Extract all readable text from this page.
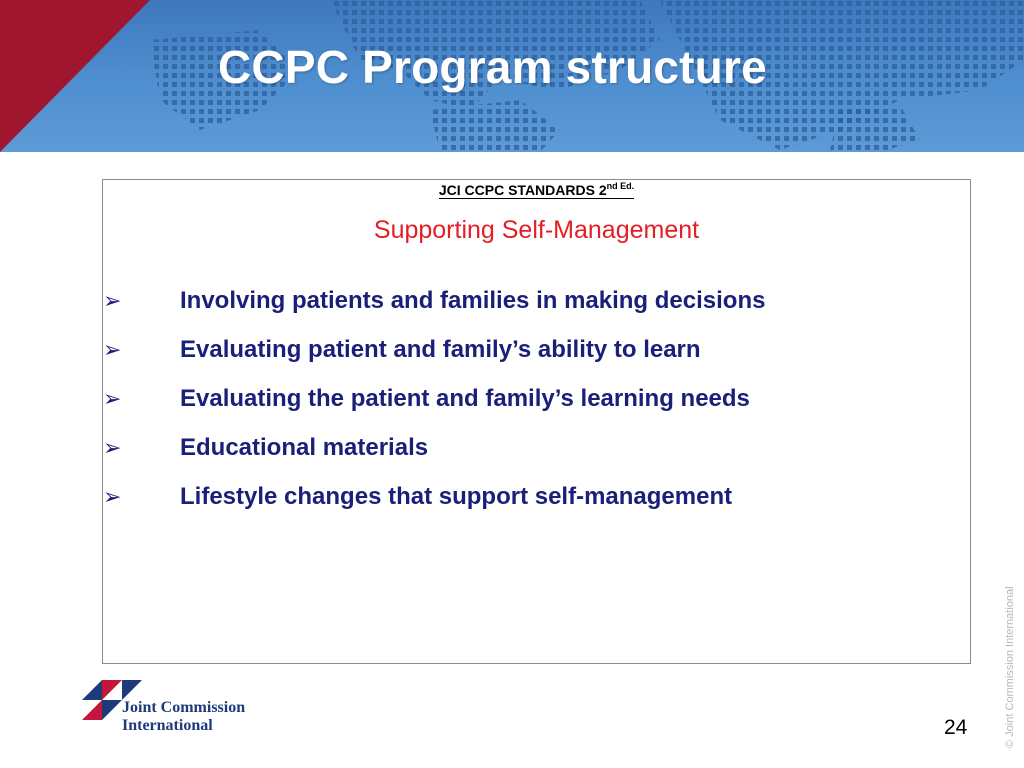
CCPC Program structure
JCI CCPC STANDARDS $2^{nd Ed.}$
Supporting Self-Management
➢ Involving patients and families in making decisions
➢ Evaluating patient and family’s ability to learn
➢ Evaluating the patient and family’s learning needs
➢ Educational materials
➢ Lifestyle changes that support self-management
Joint Commission
International	24	© Joint Commission International
